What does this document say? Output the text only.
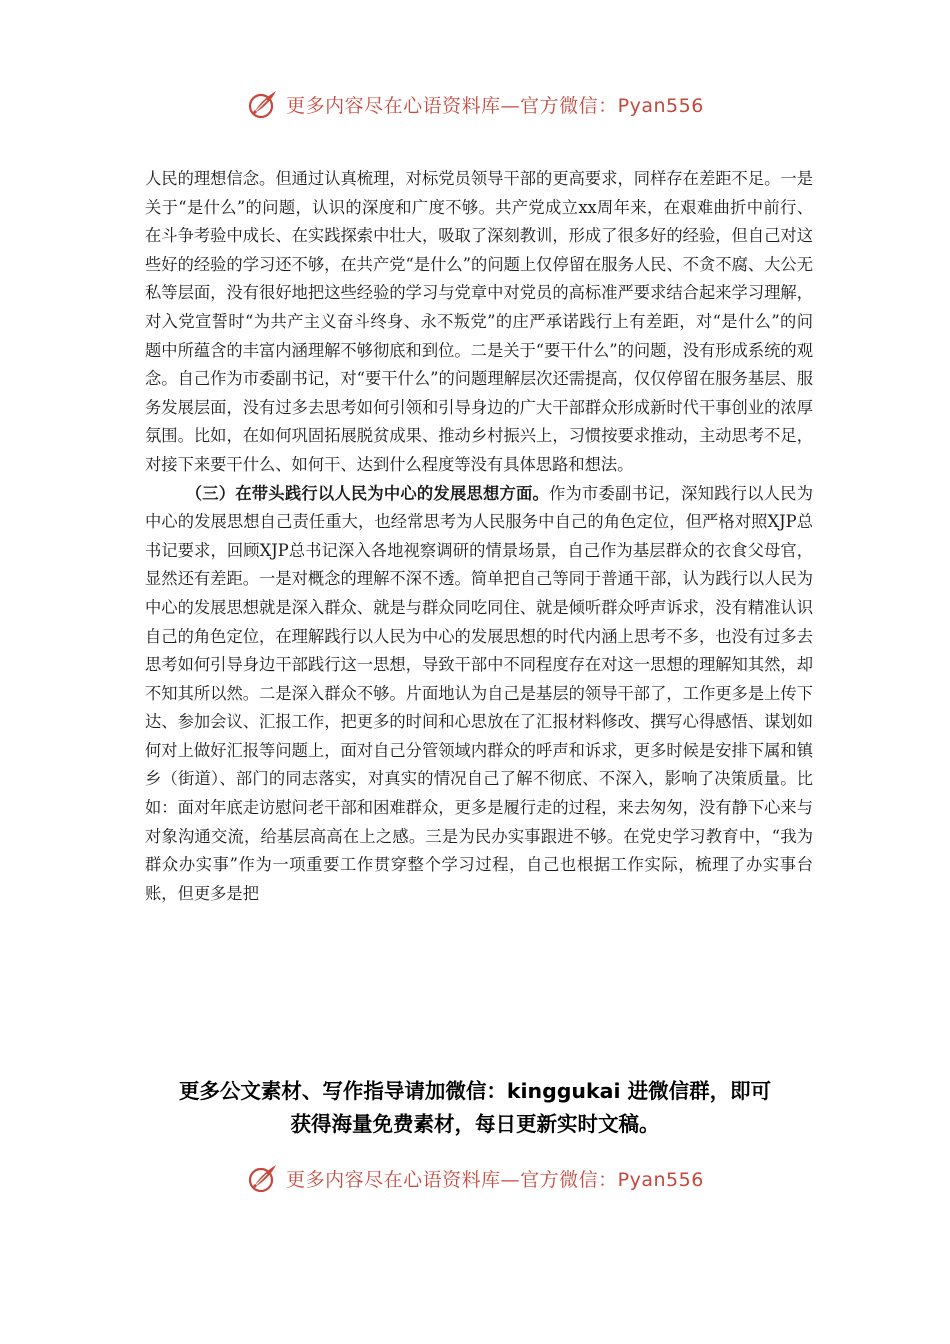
更多内容尽在心语资料库—官方微信：Pyan556

人民的理想信念。但通过认真梳理，对标党员领导干部的更高要求，同样存在差距不足。一是关于“是什么”的问题，认识的深度和广度不够。共产党成立xx周年来，在艰难曲折中前行、在斗争考验中成长、在实践探索中壮大，吸取了深刻教训，形成了很多好的经验，但自己对这些好的经验的学习还不够，在共产党“是什么”的问题上仅停留在服务人民、不贪不腐、大公无私等层面，没有很好地把这些经验的学习与党章中对党员的高标准严要求结合起来学习理解，对入党宣誓时“为共产主义奋斗终身、永不叛党”的庄严承诺践行上有差距，对“是什么”的问题中所蕴含的丰富内涵理解不够彻底和到位。二是关于“要干什么”的问题，没有形成系统的观念。自己作为市委副书记，对“要干什么”的问题理解层次还需提高，仅仅停留在服务基层、服务发展层面，没有过多去思考如何引领和引导身边的广大干部群众形成新时代干事创业的浓厚氛围。比如，在如何巩固拓展脱贫成果、推动乡村振兴上，习惯按要求推动，主动思考不足，对接下来要干什么、如何干、达到什么程度等没有具体思路和想法。

（三）在带头践行以人民为中心的发展思想方面。作为市委副书记，深知践行以人民为中心的发展思想自己责任重大，也经常思考为人民服务中自己的角色定位，但严格对照XJP总书记要求，回顾XJP总书记深入各地视察调研的情景场景，自己作为基层群众的衣食父母官，显然还有差距。一是对概念的理解不深不透。简单把自己等同于普通干部，认为践行以人民为中心的发展思想就是深入群众、就是与群众同吃同住、就是倾听群众呼声诉求，没有精准认识自己的角色定位，在理解践行以人民为中心的发展思想的时代内涵上思考不多，也没有过多去思考如何引导身边干部践行这一思想，导致干部中不同程度存在对这一思想的理解知其然，却不知其所以然。二是深入群众不够。片面地认为自己是基层的领导干部了，工作更多是上传下达、参加会议、汇报工作，把更多的时间和心思放在了汇报材料修改、撰写心得感悟、谋划如何对上做好汇报等问题上，面对自己分管领域内群众的呼声和诉求，更多时候是安排下属和镇乡（街道）、部门的同志落实，对真实的情况自己了解不彻底、不深入，影响了决策质量。比如：面对年底走访慰问老干部和困难群众，更多是履行走的过程，来去匆匆，没有静下心来与对象沟通交流，给基层高高在上之感。三是为民办实事跟进不够。在党史学习教育中，“我为群众办实事”作为一项重要工作贯穿整个学习过程，自己也根据工作实际，梳理了办实事台账，但更多是把

更多公文素材、写作指导请加微信：kinggukai 进微信群，即可
获得海量免费素材，每日更新实时文稿。
更多内容尽在心语资料库—官方微信：Pyan556
